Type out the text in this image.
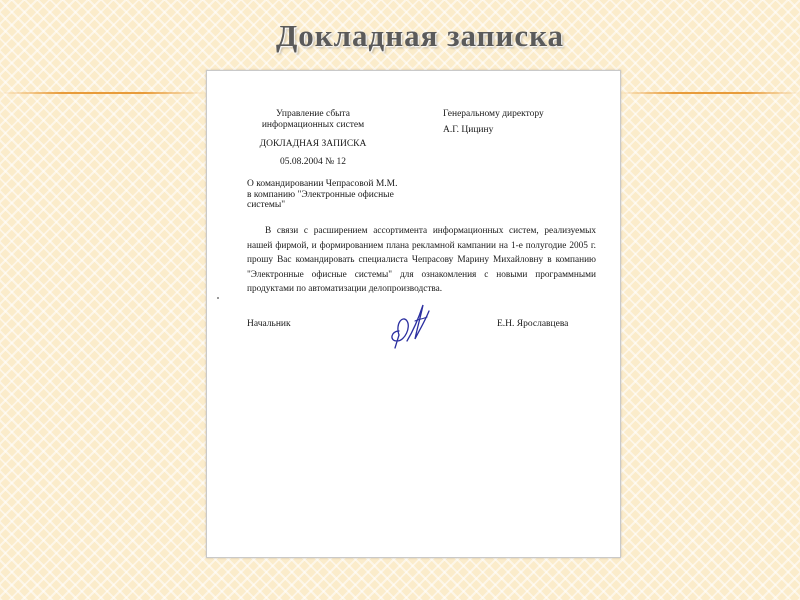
Докладная записка
Управление сбыта
информационных систем
Генеральному директору
А.Г. Цицину
ДОКЛАДНАЯ ЗАПИСКА
05.08.2004 № 12
О командировании Чепрасовой М.М.
в компанию "Электронные офисные
системы"
В связи с расширением ассортимента информационных систем, реализуемых нашей фирмой, и формированием плана рекламной кампании на 1-е полугодие 2005 г. прошу Вас командировать специалиста Чепрасову Марину Михайловну в компанию "Электронные офисные системы" для ознакомления с новыми программными продуктами по автоматизации делопроизводства.
Начальник	Е.Н. Ярославцева
